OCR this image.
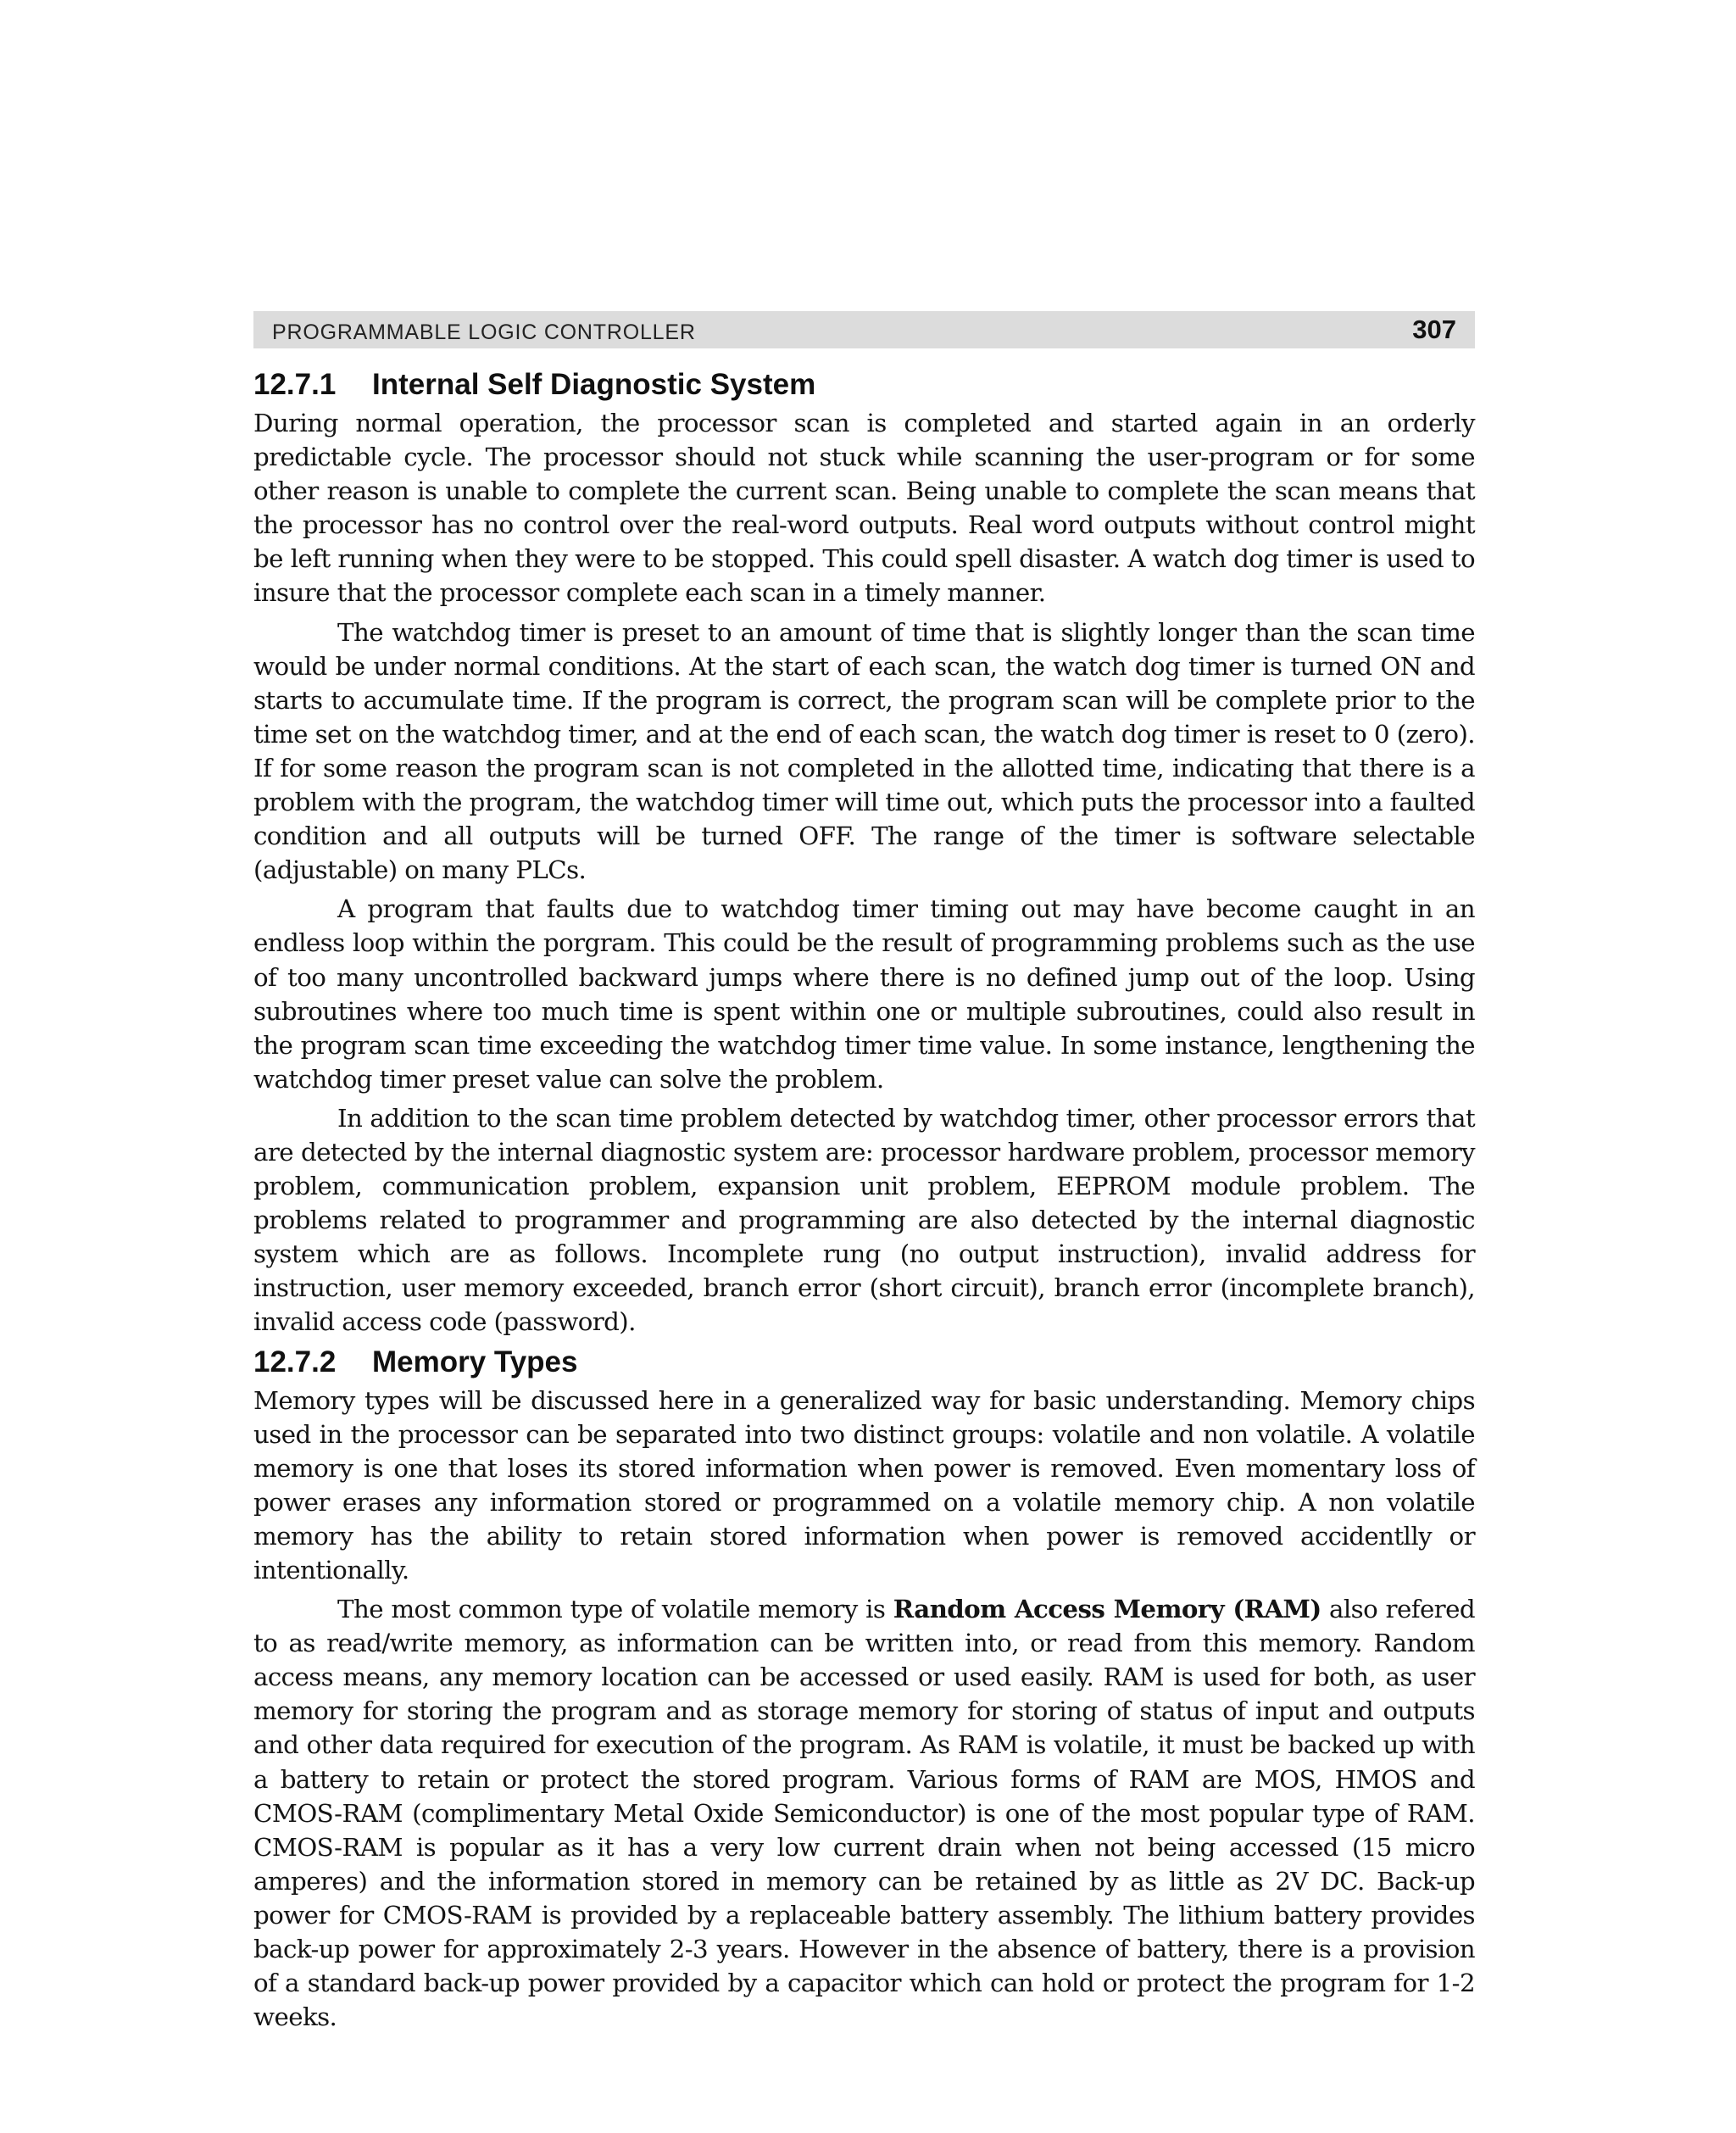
PROGRAMMABLE LOGIC CONTROLLER	307
12.7.1 Internal Self Diagnostic System

During normal operation, the processor scan is completed and started again in an orderly predictable cycle. The processor should not stuck while scanning the user-program or for some other reason is unable to complete the current scan. Being unable to complete the scan means that the processor has no control over the real-word outputs. Real word outputs without control might be left running when they were to be stopped. This could spell disaster. A watch dog timer is used to insure that the processor complete each scan in a timely manner.

The watchdog timer is preset to an amount of time that is slightly longer than the scan time would be under normal conditions. At the start of each scan, the watch dog timer is turned ON and starts to accumulate time. If the program is correct, the program scan will be complete prior to the time set on the watchdog timer, and at the end of each scan, the watch dog timer is reset to 0 (zero). If for some reason the program scan is not completed in the allotted time, indicating that there is a problem with the program, the watchdog timer will time out, which puts the processor into a faulted condition and all outputs will be turned OFF. The range of the timer is software selectable (adjustable) on many PLCs.

A program that faults due to watchdog timer timing out may have become caught in an endless loop within the porgram. This could be the result of programming problems such as the use of too many uncontrolled backward jumps where there is no defined jump out of the loop. Using subroutines where too much time is spent within one or multiple subroutines, could also result in the program scan time exceeding the watchdog timer time value. In some instance, lengthening the watchdog timer preset value can solve the problem.

In addition to the scan time problem detected by watchdog timer, other processor errors that are detected by the internal diagnostic system are: processor hardware problem, processor memory problem, communication problem, expansion unit problem, EEPROM module problem. The problems related to programmer and programming are also detected by the internal diagnostic system which are as follows. Incomplete rung (no output instruction), invalid address for instruction, user memory exceeded, branch error (short circuit), branch error (incomplete branch), invalid access code (password).

12.7.2 Memory Types

Memory types will be discussed here in a generalized way for basic understanding. Memory chips used in the processor can be separated into two distinct groups: volatile and non volatile. A volatile memory is one that loses its stored information when power is removed. Even momentary loss of power erases any information stored or programmed on a volatile memory chip. A non volatile memory has the ability to retain stored information when power is removed accidentlly or intentionally.

The most common type of volatile memory is Random Access Memory (RAM) also refered to as read/write memory, as information can be written into, or read from this memory. Random access means, any memory location can be accessed or used easily. RAM is used for both, as user memory for storing the program and as storage memory for storing of status of input and outputs and other data required for execution of the program. As RAM is volatile, it must be backed up with a battery to retain or protect the stored program. Various forms of RAM are MOS, HMOS and CMOS-RAM (complimentary Metal Oxide Semiconductor) is one of the most popular type of RAM. CMOS-RAM is popular as it has a very low current drain when not being accessed (15 micro amperes) and the information stored in memory can be retained by as little as 2V DC. Back-up power for CMOS-RAM is provided by a replaceable battery assembly. The lithium battery provides back-up power for approximately 2-3 years. However in the absence of battery, there is a provision of a standard back-up power provided by a capacitor which can hold or protect the program for 1-2 weeks.
